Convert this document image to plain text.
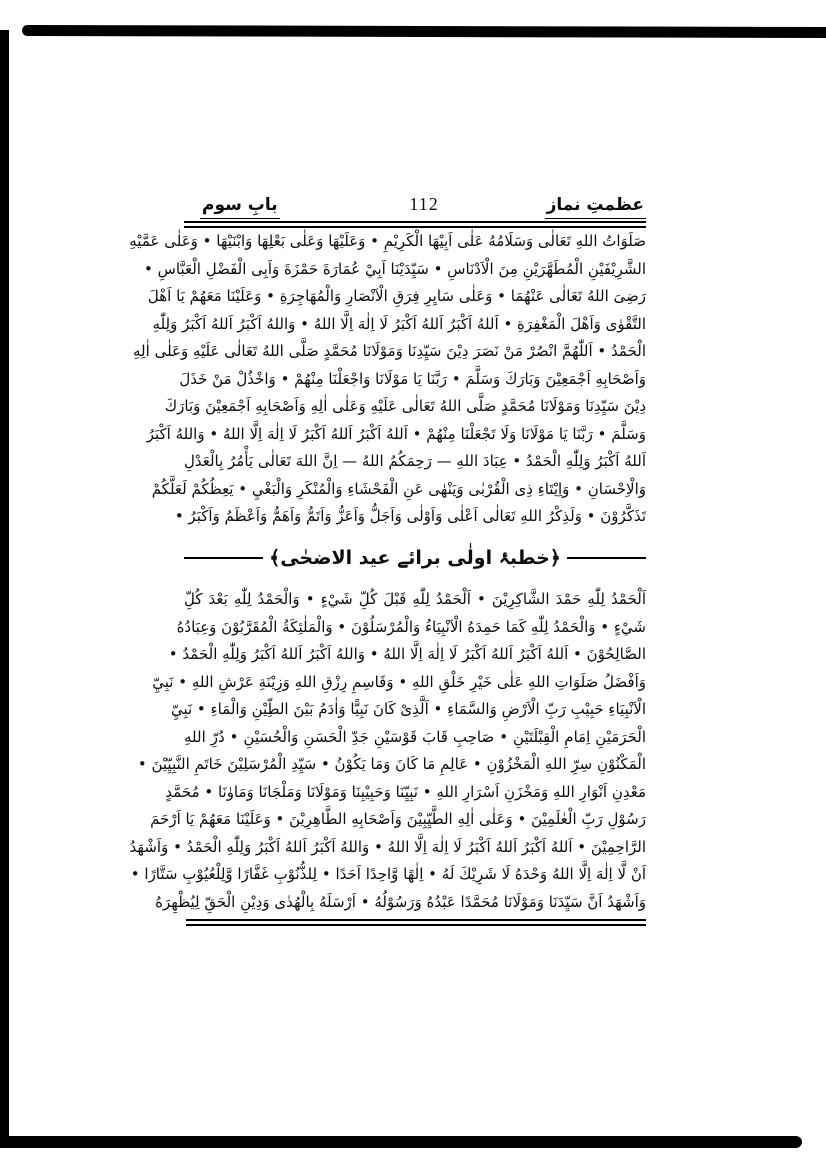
عظمتِ نماز
112
بابِ سوم
صَلَوَاتُ اللهِ تَعَالٰى وَسَلَامُهُ عَلٰى اَبِيْهَا الْكَرِيْمِ • وَعَلَيْهَا وَعَلٰى بَعْلِهَا وَابْنَيْهَا • وَعَلٰى عَمَّيْهِ
الشَّرِيْفَيْنِ الْمُطَهَّرَيْنِ مِنَ الْاَدْنَاسِ • سَيِّدَيْنَا اَبِيْ عُمَارَةَ حَمْزَةَ وَاَبِى الْفَضْلِ الْعَبَّاسِ •
رَضِىَ اللهُ تَعَالٰى عَنْهُمَا • وَعَلٰى سَايِرِ فِرَقِ الْاَنْصَارِ وَالْمُهَاجِرَةِ • وَعَلَيْنَا مَعَهُمْ يَا اَهْلَ
التَّقْوٰى وَاَهْلَ الْمَغْفِرَةِ • اَللهُ اَكْبَرُ اَللهُ اَكْبَرُ لَا اِلٰهَ اِلَّا اللهُ • وَاللهُ اَكْبَرُ اَللهُ اَكْبَرُ وَلِلّٰهِ
الْحَمْدُ • اَللّٰهُمَّ انْصُرْ مَنْ نَصَرَ دِيْنَ سَيِّدِنَا وَمَوْلَانَا مُحَمَّدٍ صَلَّى اللهُ تَعَالٰى عَلَيْهِ وَعَلٰى اٰلِهِ
وَاَصْحَابِهِ اَجْمَعِيْنَ وَبَارَكَ وَسَلَّمَ • رَبَّنَا يَا مَوْلَانَا وَاجْعَلْنَا مِنْهُمْ • وَاخْذُلْ مَنْ خَذَلَ
دِيْنَ سَيِّدِنَا وَمَوْلَانَا مُحَمَّدٍ صَلَّى اللهُ تَعَالٰى عَلَيْهِ وَعَلٰى اٰلِهِ وَاَصْحَابِهِ اَجْمَعِيْنَ وَبَارَكَ
وَسَلَّمَ • رَبَّنَا يَا مَوْلَانَا وَلَا تَجْعَلْنَا مِنْهُمْ • اَللهُ اَكْبَرُ اَللهُ اَكْبَرُ لَا اِلٰهَ اِلَّا اللهُ • وَاللهُ اَكْبَرُ
اَللهُ اَكْبَرُ وَلِلّٰهِ الْحَمْدُ • عِبَادَ اللهِ — رَحِمَكُمُ اللهُ — اِنَّ اللهَ تَعَالٰى يَأْمُرُ بِالْعَدْلِ
وَالْاِحْسَانِ • وَاِيْتَاءِ ذِى الْقُرْبٰى وَيَنْهٰى عَنِ الْفَحْشَاءِ وَالْمُنْكَرِ وَالْبَغْيِ • يَعِظُكُمْ لَعَلَّكُمْ
تَذَكَّرُوْنَ • وَلَذِكْرُ اللهِ تَعَالٰى اَعْلٰى وَاَوْلٰى وَاَجَلُّ وَاَعَزُّ وَاَتَمُّ وَاَهَمُّ وَاَعْظَمُ وَاَكْبَرُ •
﴿خطبۂ اولٰی برائے عید الاضحٰی﴾
اَلْحَمْدُ لِلّٰهِ حَمْدَ الشَّاكِرِيْنَ • اَلْحَمْدُ لِلّٰهِ قَبْلَ كُلِّ شَيْءٍ • وَالْحَمْدُ لِلّٰهِ بَعْدَ كُلِّ
شَيْءٍ • وَالْحَمْدُ لِلّٰهِ كَمَا حَمِدَهُ الْاَنْبِيَاءُ وَالْمُرْسَلُوْنَ • وَالْمَلٰئِكَةُ الْمُقَرَّبُوْنَ وَعِبَادُهُ
الصَّالِحُوْنَ • اَللهُ اَكْبَرُ اَللهُ اَكْبَرُ لَا اِلٰهَ اِلَّا اللهُ • وَاللهُ اَكْبَرُ اَللهُ اَكْبَرُ وَلِلّٰهِ الْحَمْدُ •
وَاَفْضَلُ صَلَوَاتِ اللهِ عَلٰى خَيْرِ خَلْقِ اللهِ • وَقَاسِمِ رِزْقِ اللهِ وَزِيْنَةِ عَرْشِ اللهِ • نَبِيِّ
الْاَنْبِيَاءِ حَبِيْبِ رَبِّ الْاَرْضِ وَالسَّمَاءِ • اَلَّذِىْ كَانَ نَبِيًّا وَاٰدَمُ بَيْنَ الطِّيْنِ وَالْمَاءِ • نَبِيِّ
الْحَرَمَيْنِ اِمَامِ الْقِبْلَتَيْنِ • صَاحِبِ قَابَ قَوْسَيْنِ جَدِّ الْحَسَنِ وَالْحُسَيْنِ • دُرِّ اللهِ
الْمَكْنُوْنِ سِرِّ اللهِ الْمَخْزُوْنِ • عَالِمِ مَا كَانَ وَمَا يَكُوْنُ • سَيِّدِ الْمُرْسَلِيْنَ خَاتَمِ النَّبِيِّيْنَ •
مَعْدِنِ اَنْوَارِ اللهِ وَمَخْزَنِ اَسْرَارِ اللهِ • نَبِيِّنَا وَحَبِيْبِنَا وَمَوْلَانَا وَمَلْجَانَا وَمَاوٰنَا • مُحَمَّدٍ
رَسُوْلِ رَبِّ الْعٰلَمِيْنَ • وَعَلٰى اٰلِهِ الطَّيِّبِيْنَ وَاَصْحَابِهِ الطَّاهِرِيْنَ • وَعَلَيْنَا مَعَهُمْ يَا اَرْحَمَ
الرَّاحِمِيْنَ • اَللهُ اَكْبَرُ اَللهُ اَكْبَرُ لَا اِلٰهَ اِلَّا اللهُ • وَاللهُ اَكْبَرُ اَللهُ اَكْبَرُ وَلِلّٰهِ الْحَمْدُ • وَاَشْهَدُ
اَنْ لَّا اِلٰهَ اِلَّا اللهُ وَحْدَهُ لَا شَرِيْكَ لَهُ • اِلٰهًا وَّاحِدًا اَحَدًا • لِلذُّنُوْبِ غَفَّارًا وَّلِلْعُيُوْبِ سَتَّارًا •
وَاَشْهَدُ اَنَّ سَيِّدَنَا وَمَوْلَانَا مُحَمَّدًا عَبْدُهُ وَرَسُوْلُهُ • اَرْسَلَهُ بِالْهُدٰى وَدِيْنِ الْحَقِّ لِيُظْهِرَهُ
